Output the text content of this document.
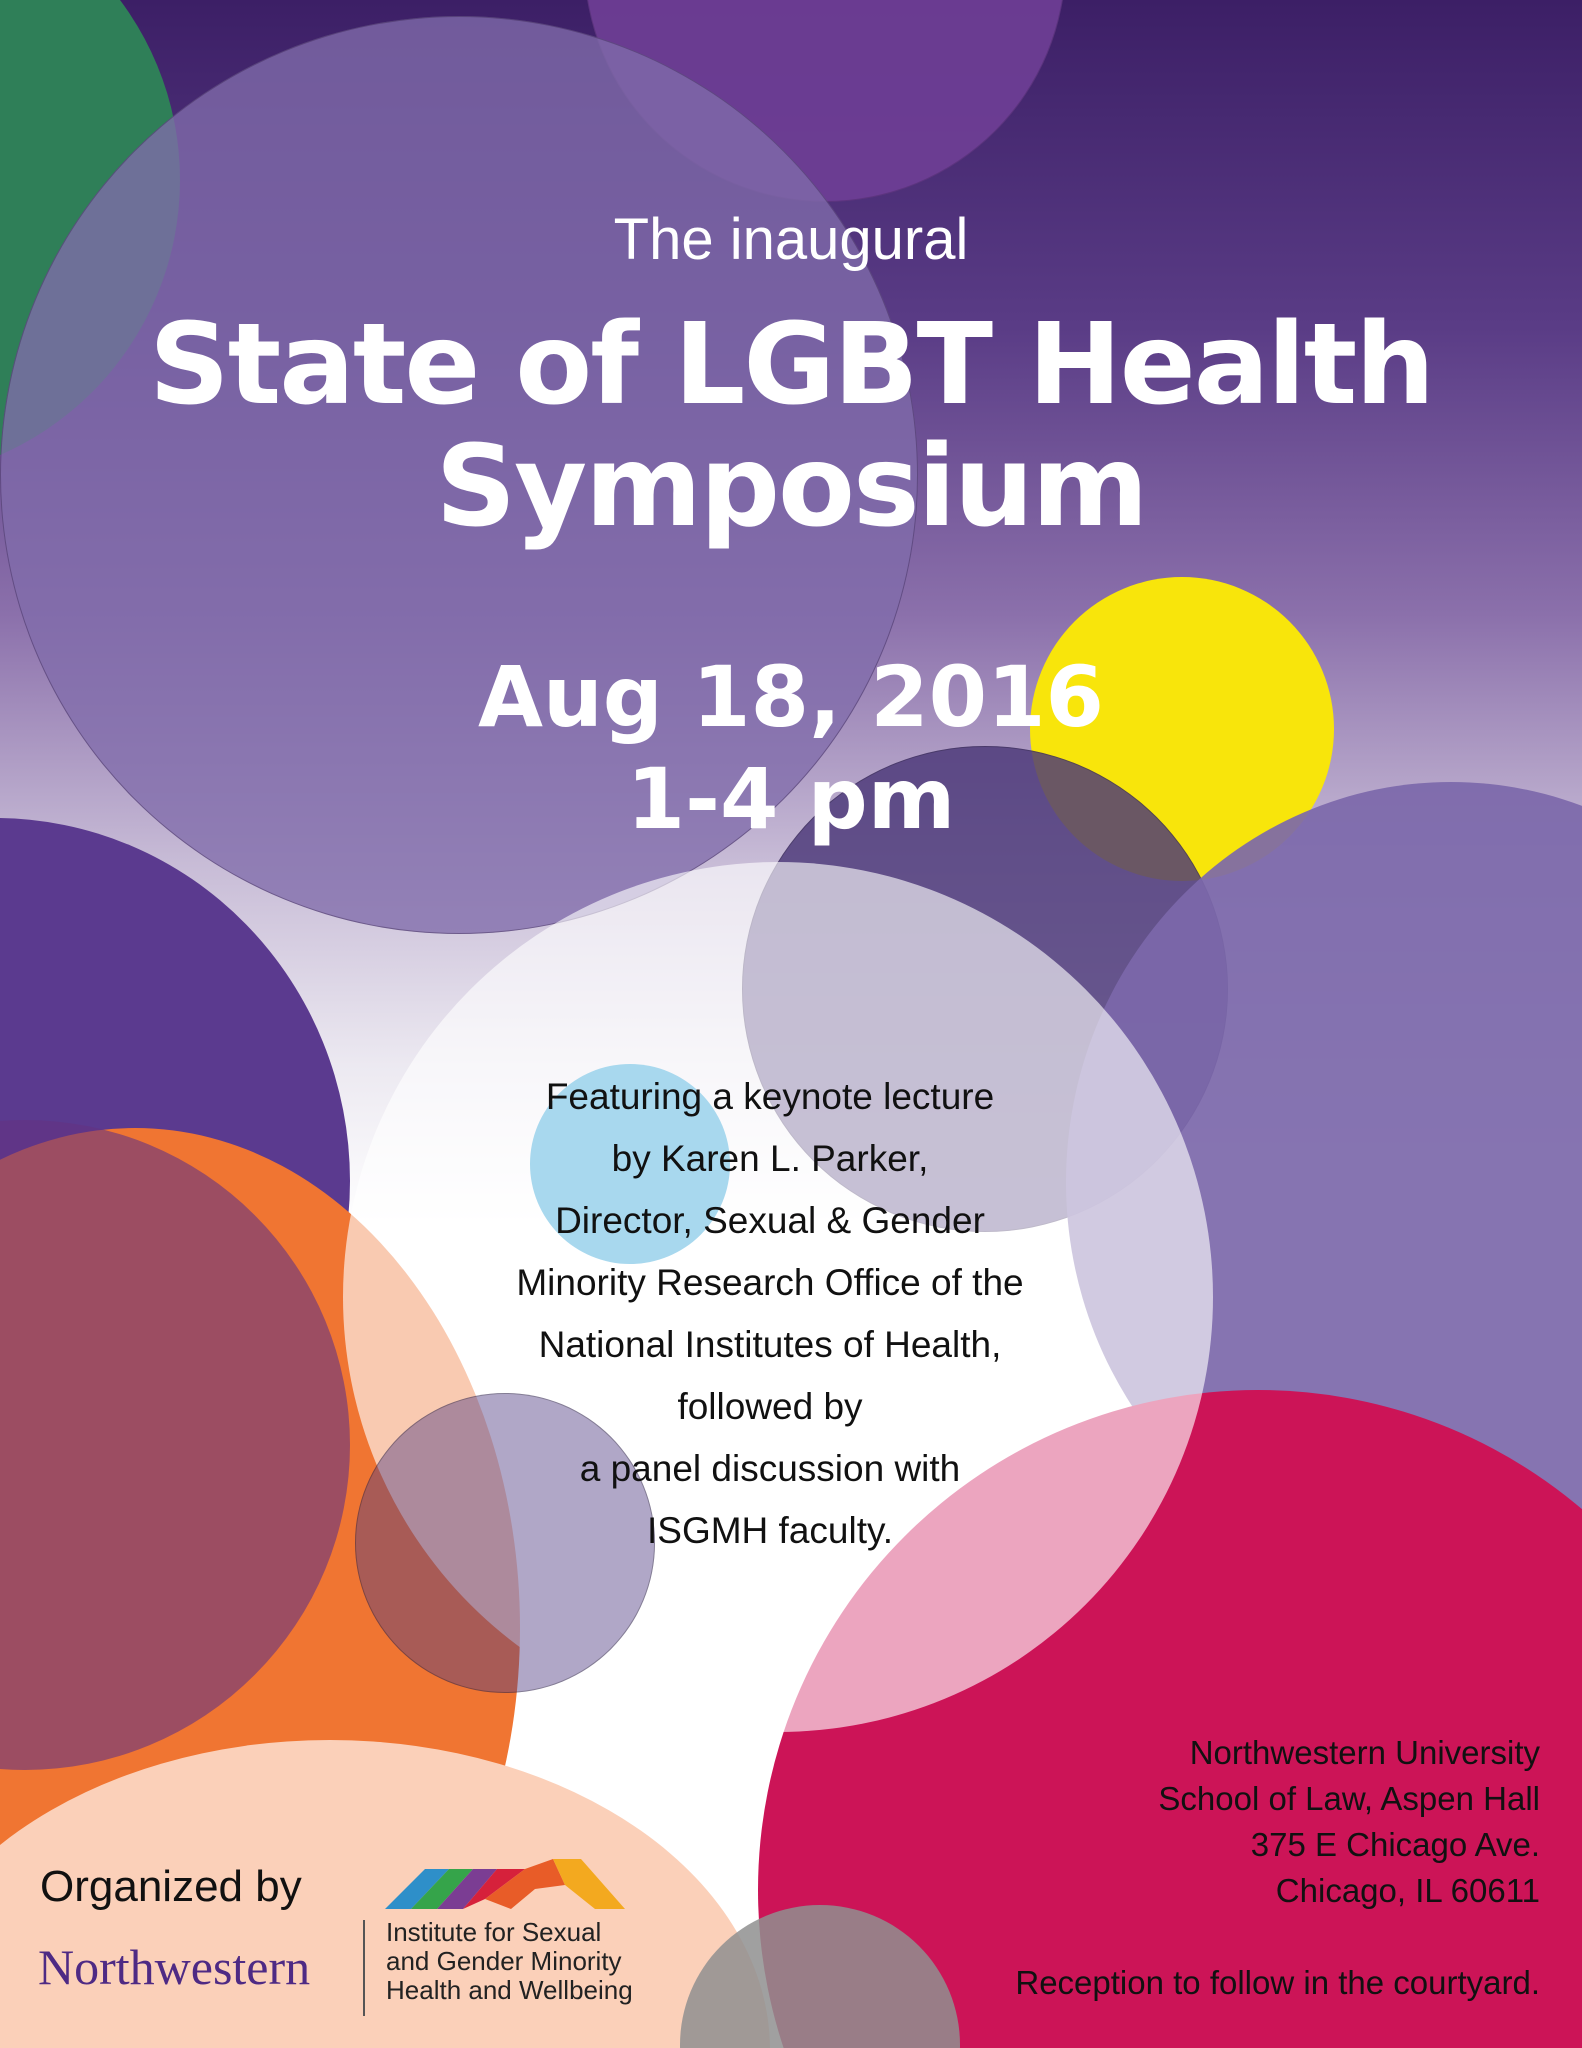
The inaugural
State of LGBT Health
Symposium
Aug 18, 2016
1-4 pm
Featuring a keynote lecture
by Karen L. Parker,
Director, Sexual & Gender
Minority Research Office of the
National Institutes of Health,
followed by
a panel discussion with
ISGMH faculty.
Organized by
Northwestern
Institute for Sexual
and Gender Minority
Health and Wellbeing
Northwestern University
School of Law, Aspen Hall
375 E Chicago Ave.
Chicago, IL 60611
Reception to follow in the courtyard.
